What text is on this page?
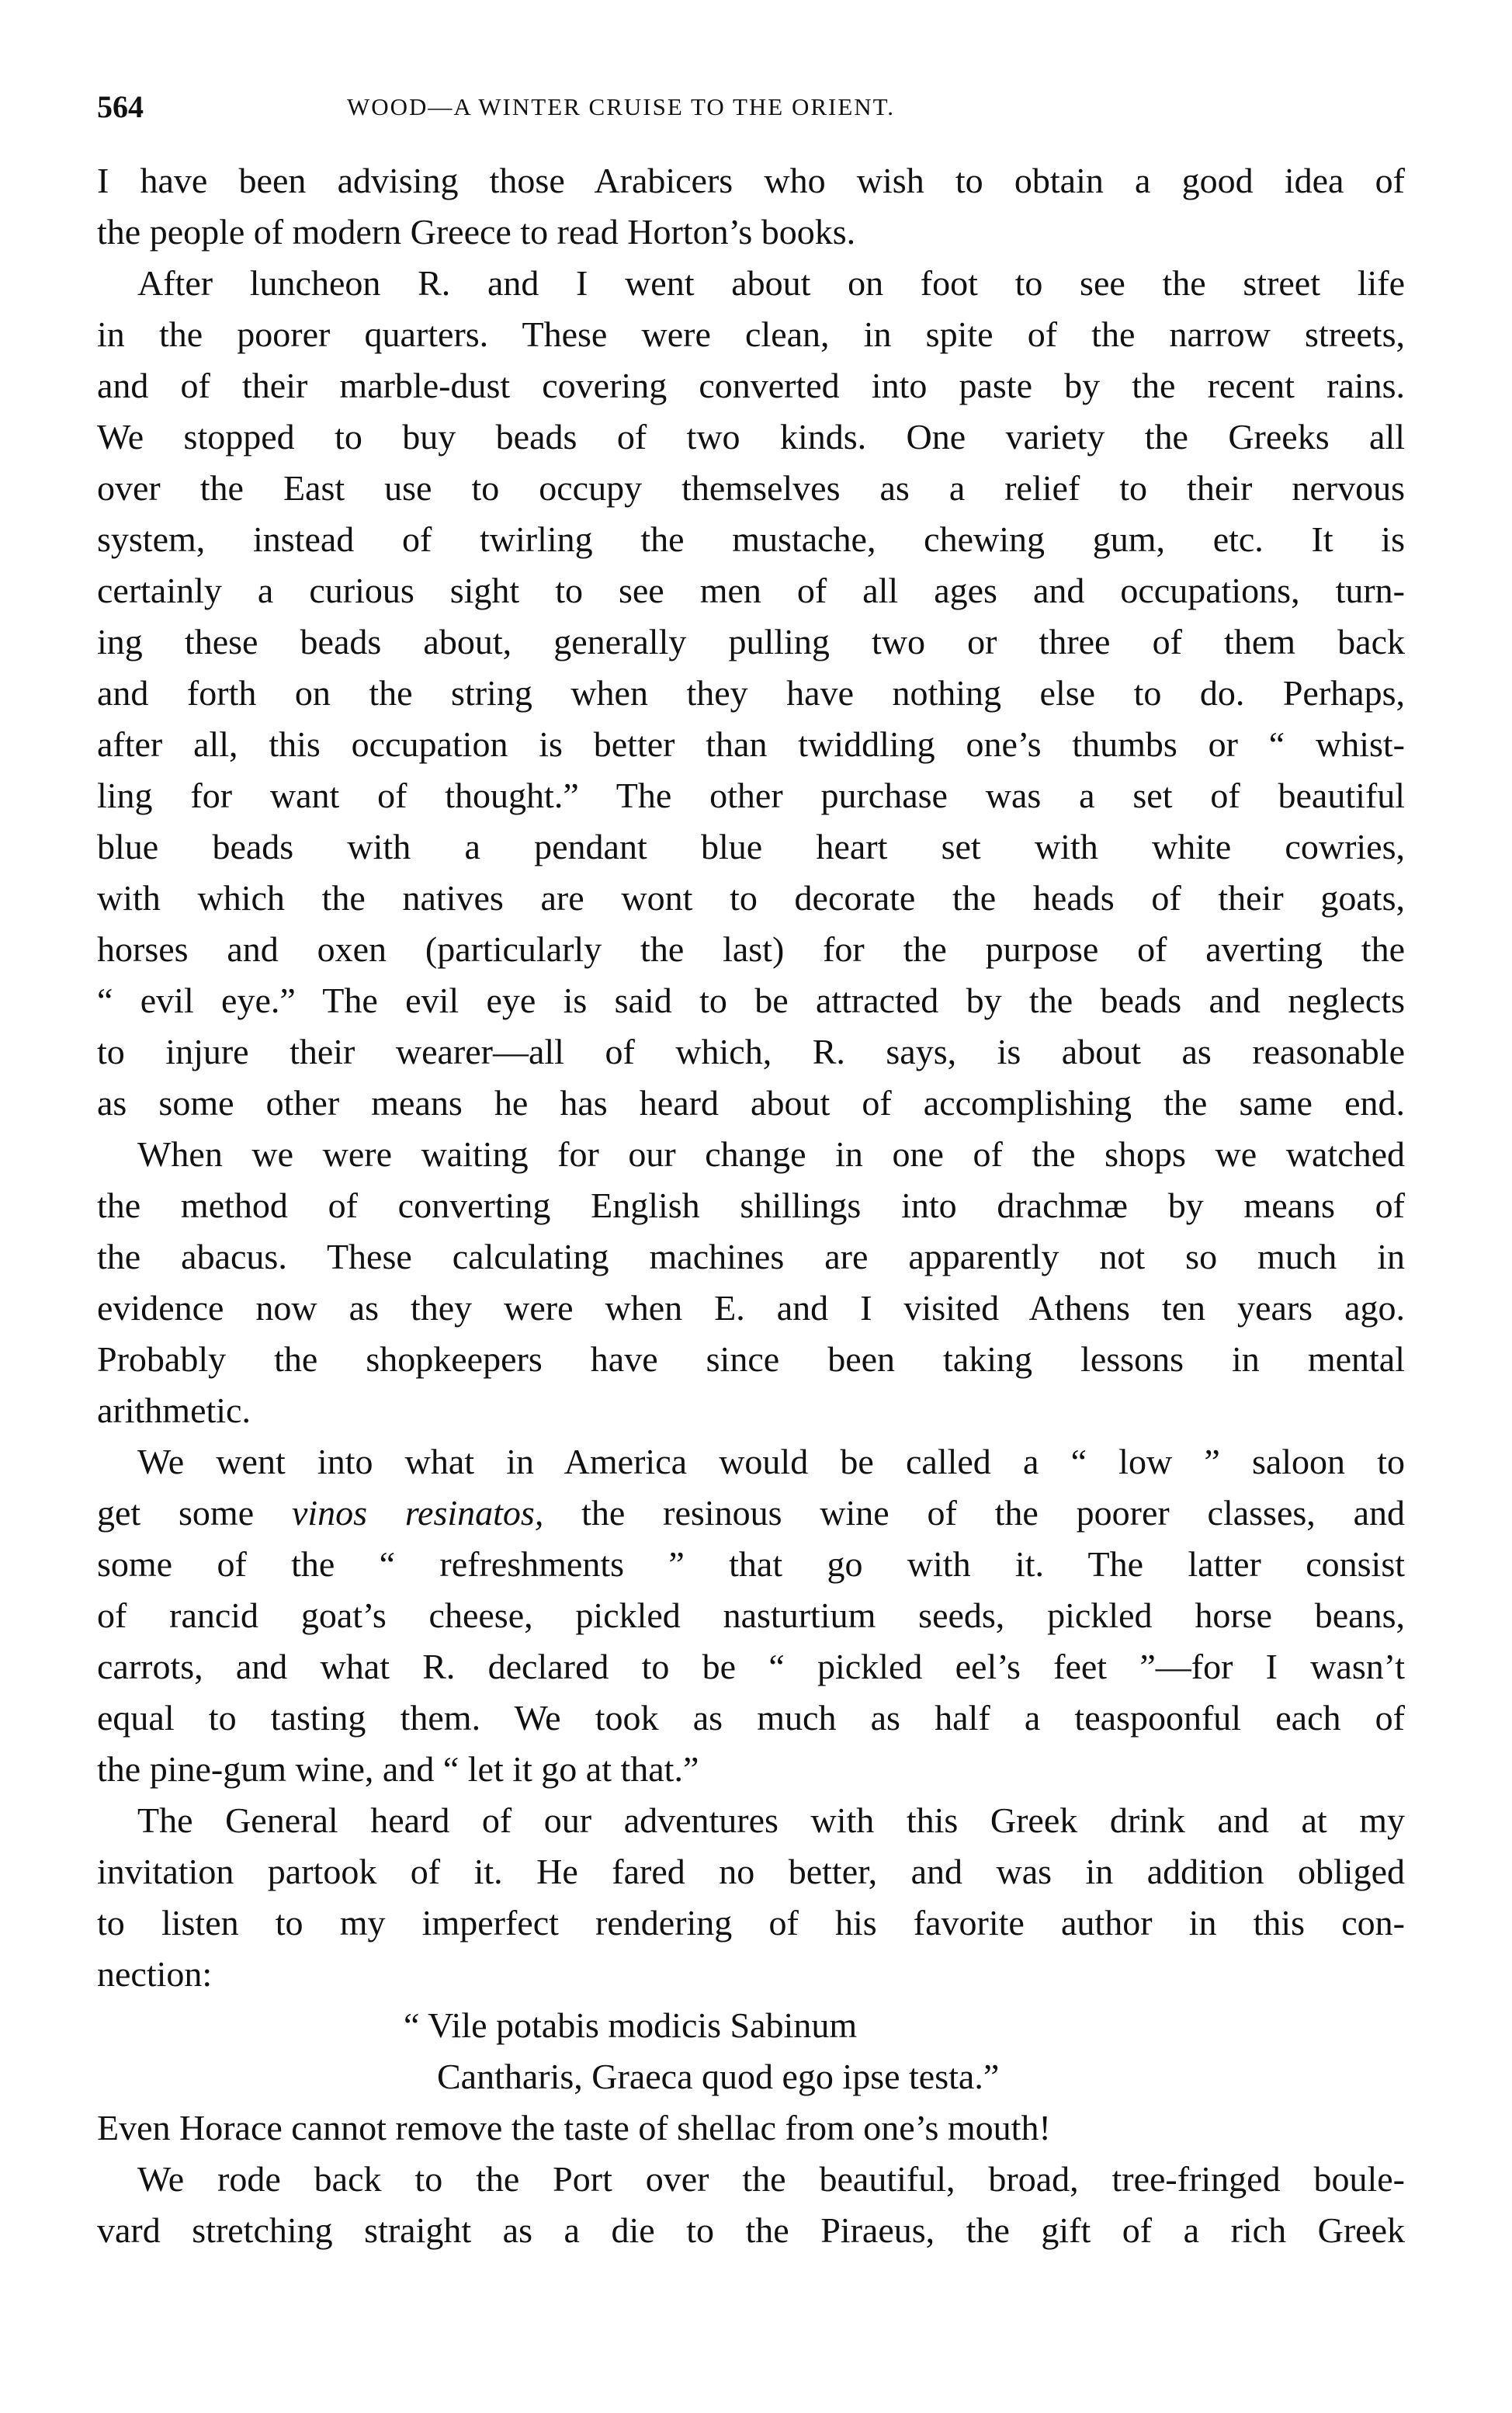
564	WOOD—A WINTER CRUISE TO THE ORIENT.
I have been advising those Arabicers who wish to obtain a good idea of
the people of modern Greece to read Horton’s books.
After luncheon R. and I went about on foot to see the street life
in the poorer quarters. These were clean, in spite of the narrow streets,
and of their marble-dust covering converted into paste by the recent rains.
We stopped to buy beads of two kinds. One variety the Greeks all
over the East use to occupy themselves as a relief to their nervous
system, instead of twirling the mustache, chewing gum, etc. It is
certainly a curious sight to see men of all ages and occupations, turn-
ing these beads about, generally pulling two or three of them back
and forth on the string when they have nothing else to do. Perhaps,
after all, this occupation is better than twiddling one’s thumbs or “ whist-
ling for want of thought.” The other purchase was a set of beautiful
blue beads with a pendant blue heart set with white cowries,
with which the natives are wont to decorate the heads of their goats,
horses and oxen (particularly the last) for the purpose of averting the
“ evil eye.” The evil eye is said to be attracted by the beads and neglects
to injure their wearer—all of which, R. says, is about as reasonable
as some other means he has heard about of accomplishing the same end.
When we were waiting for our change in one of the shops we watched
the method of converting English shillings into drachmæ by means of
the abacus. These calculating machines are apparently not so much in
evidence now as they were when E. and I visited Athens ten years ago.
Probably the shopkeepers have since been taking lessons in mental
arithmetic.
We went into what in America would be called a “ low ” saloon to
get some vinos resinatos, the resinous wine of the poorer classes, and
some of the “ refreshments ” that go with it. The latter consist
of rancid goat’s cheese, pickled nasturtium seeds, pickled horse beans,
carrots, and what R. declared to be “ pickled eel’s feet ”—for I wasn’t
equal to tasting them. We took as much as half a teaspoonful each of
the pine-gum wine, and “ let it go at that.”
The General heard of our adventures with this Greek drink and at my
invitation partook of it. He fared no better, and was in addition obliged
to listen to my imperfect rendering of his favorite author in this con-
nection:
“ Vile potabis modicis Sabinum
Cantharis, Graeca quod ego ipse testa.”
Even Horace cannot remove the taste of shellac from one’s mouth!
We rode back to the Port over the beautiful, broad, tree-fringed boule-
vard stretching straight as a die to the Piraeus, the gift of a rich Greek
